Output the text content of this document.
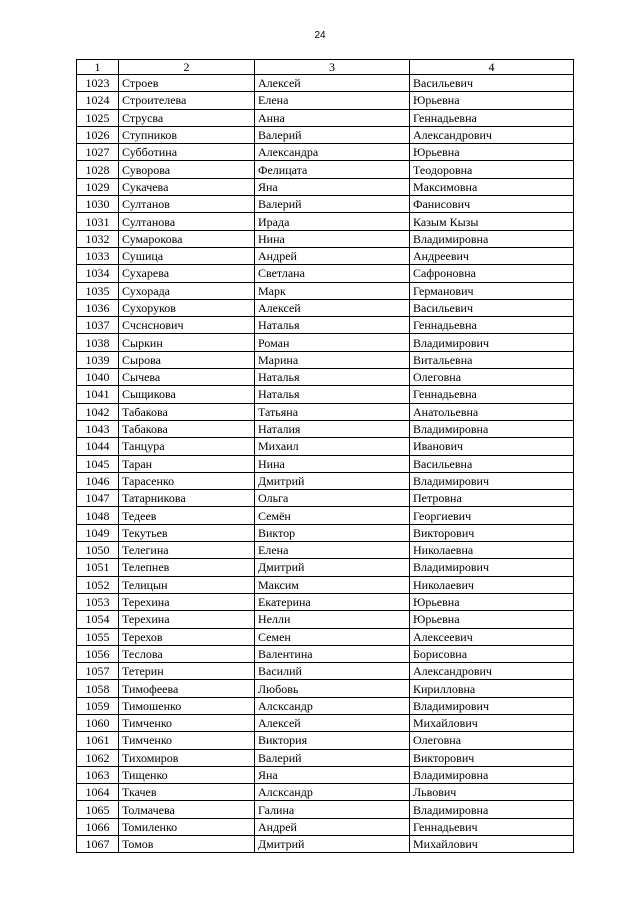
24
1	2	3	4
1023	Строев	Алексей	Васильевич
1024	Строителева	Елена	Юрьевна
1025	Струсва	Анна	Геннадьевна
1026	Ступников	Валерий	Александрович
1027	Субботина	Александра	Юрьевна
1028	Суворова	Фелицата	Теодоровна
1029	Сукачева	Яна	Максимовна
1030	Султанов	Валерий	Фанисович
1031	Султанова	Ирада	Казым Кызы
1032	Сумарокова	Нина	Владимировна
1033	Сушица	Андрей	Андреевич
1034	Сухарева	Светлана	Сафроновна
1035	Сухорада	Марк	Германович
1036	Сухоруков	Алексей	Васильевич
1037	Счснснович	Наталья	Геннадьевна
1038	Сыркин	Роман	Владимирович
1039	Сырова	Марина	Витальевна
1040	Сычева	Наталья	Олеговна
1041	Сыщикова	Наталья	Геннадьевна
1042	Табакова	Татьяна	Анатольевна
1043	Табакова	Наталия	Владимировна
1044	Танцура	Михаил	Иванович
1045	Таран	Нина	Васильевна
1046	Тарасенко	Дмитрий	Владимирович
1047	Татарникова	Ольга	Петровна
1048	Тедеев	Семён	Георгиевич
1049	Текутьев	Виктор	Викторович
1050	Телегина	Елена	Николаевна
1051	Телепнев	Дмитрий	Владимирович
1052	Телицын	Максим	Николаевич
1053	Терехина	Екатерина	Юрьевна
1054	Терехина	Нелли	Юрьевна
1055	Терехов	Семен	Алексеевич
1056	Теслова	Валентина	Борисовна
1057	Тетерин	Василий	Александрович
1058	Тимофеева	Любовь	Кирилловна
1059	Тимошенко	Алсксандр	Владимирович
1060	Тимченко	Алексей	Михайлович
1061	Тимченко	Виктория	Олеговна
1062	Тихомиров	Валерий	Викторович
1063	Тищенко	Яна	Владимировна
1064	Ткачев	Алсксандр	Львович
1065	Толмачева	Галина	Владимировна
1066	Томиленко	Андрей	Геннадьевич
1067	Томов	Дмитрий	Михайлович
